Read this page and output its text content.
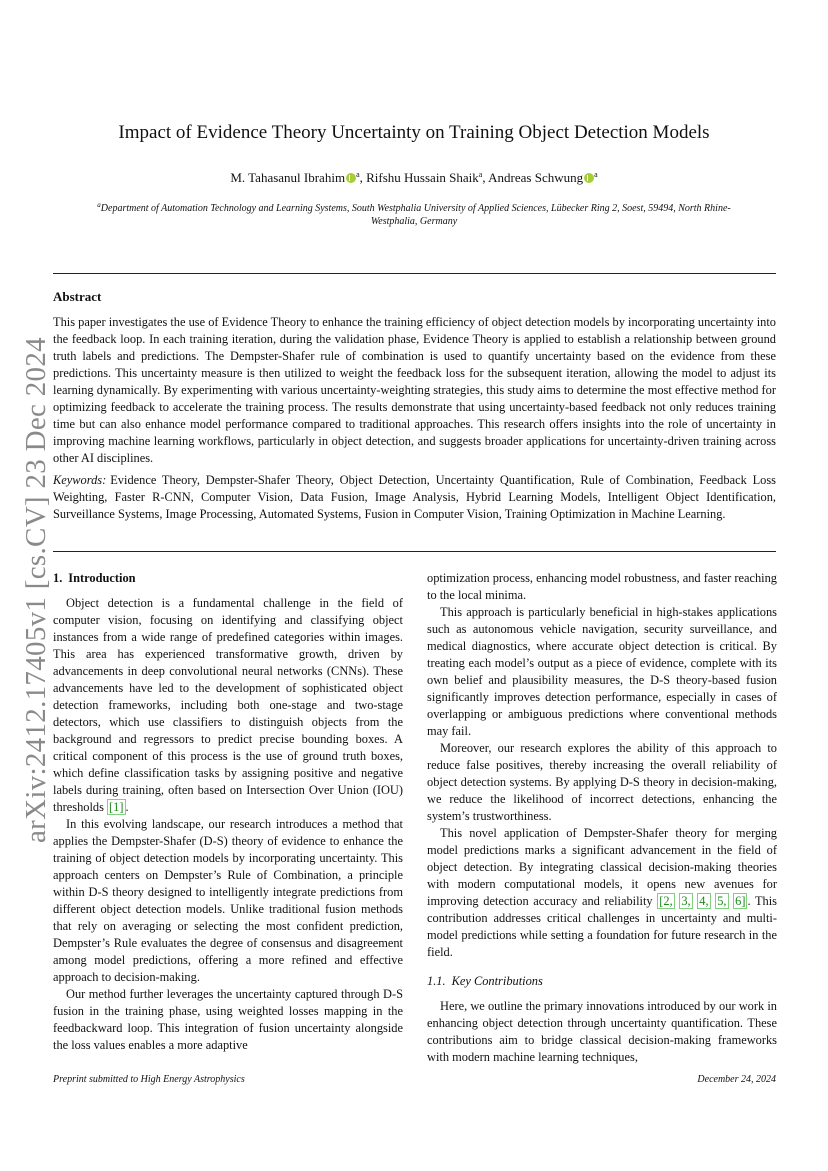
arXiv:2412.17405v1 [cs.CV] 23 Dec 2024
Impact of Evidence Theory Uncertainty on Training Object Detection Models
M. Tahasanul Ibrahim $^a$, Rifshu Hussain Shaik$^a$, Andreas Schwung $^a$
$^a$Department of Automation Technology and Learning Systems, South Westphalia University of Applied Sciences, Lübecker Ring 2, Soest, 59494, North Rhine-Westphalia, Germany
Abstract
This paper investigates the use of Evidence Theory to enhance the training efficiency of object detection models by incorporating uncertainty into the feedback loop. In each training iteration, during the validation phase, Evidence Theory is applied to establish a relationship between ground truth labels and predictions. The Dempster-Shafer rule of combination is used to quantify uncertainty based on the evidence from these predictions. This uncertainty measure is then utilized to weight the feedback loss for the subsequent iteration, allowing the model to adjust its learning dynamically. By experimenting with various uncertainty-weighting strategies, this study aims to determine the most effective method for optimizing feedback to accelerate the training process. The results demonstrate that using uncertainty-based feedback not only reduces training time but can also enhance model performance compared to traditional approaches. This research offers insights into the role of uncertainty in improving machine learning workflows, particularly in object detection, and suggests broader applications for uncertainty-driven training across other AI disciplines.
Keywords: Evidence Theory, Dempster-Shafer Theory, Object Detection, Uncertainty Quantification, Rule of Combination, Feedback Loss Weighting, Faster R-CNN, Computer Vision, Data Fusion, Image Analysis, Hybrid Learning Models, Intelligent Object Identification, Surveillance Systems, Image Processing, Automated Systems, Fusion in Computer Vision, Training Optimization in Machine Learning.
1. Introduction

Object detection is a fundamental challenge in the field of computer vision, focusing on identifying and classifying object instances from a wide range of predefined categories within images. This area has experienced transformative growth, driven by advancements in deep convolutional neural networks (CNNs). These advancements have led to the development of sophisticated object detection frameworks, including both one-stage and two-stage detectors, which use classifiers to distinguish objects from the background and regressors to predict precise bounding boxes. A critical component of this process is the use of ground truth boxes, which define classification tasks by assigning positive and negative labels during training, often based on Intersection Over Union (IOU) thresholds [1] .

In this evolving landscape, our research introduces a method that applies the Dempster-Shafer (D-S) theory of evidence to enhance the training of object detection models by incorporating uncertainty. This approach centers on Dempster’s Rule of Combination, a principle within D-S theory designed to intelligently integrate predictions from different object detection models. Unlike traditional fusion methods that rely on averaging or selecting the most confident prediction, Dempster’s Rule evaluates the degree of consensus and disagreement among model predictions, offering a more refined and effective approach to decision-making.

Our method further leverages the uncertainty captured through D-S fusion in the training phase, using weighted losses mapping in the feedbackward loop. This integration of fusion uncertainty alongside the loss values enables a more adaptive

optimization process, enhancing model robustness, and faster reaching to the local minima.

This approach is particularly beneficial in high-stakes applications such as autonomous vehicle navigation, security surveillance, and medical diagnostics, where accurate object detection is critical. By treating each model’s output as a piece of evidence, complete with its own belief and plausibility measures, the D-S theory-based fusion significantly improves detection performance, especially in cases of overlapping or ambiguous predictions where conventional methods may fail.

Moreover, our research explores the ability of this approach to reduce false positives, thereby increasing the overall reliability of object detection systems. By applying D-S theory in decision-making, we reduce the likelihood of incorrect detections, enhancing the system’s trustworthiness.

This novel application of Dempster-Shafer theory for merging model predictions marks a significant advancement in the field of object detection. By integrating classical decision-making theories with modern computational models, it opens new avenues for improving detection accuracy and reliability [2, 3, 4, 5, 6] . This contribution addresses critical challenges in uncertainty and multi-model predictions while setting a foundation for future research in the field.

1.1. Key Contributions

Here, we outline the primary innovations introduced by our work in enhancing object detection through uncertainty quantification. These contributions aim to bridge classical decision-making frameworks with modern machine learning techniques,

Preprint submitted to High Energy Astrophysics	December 24, 2024
